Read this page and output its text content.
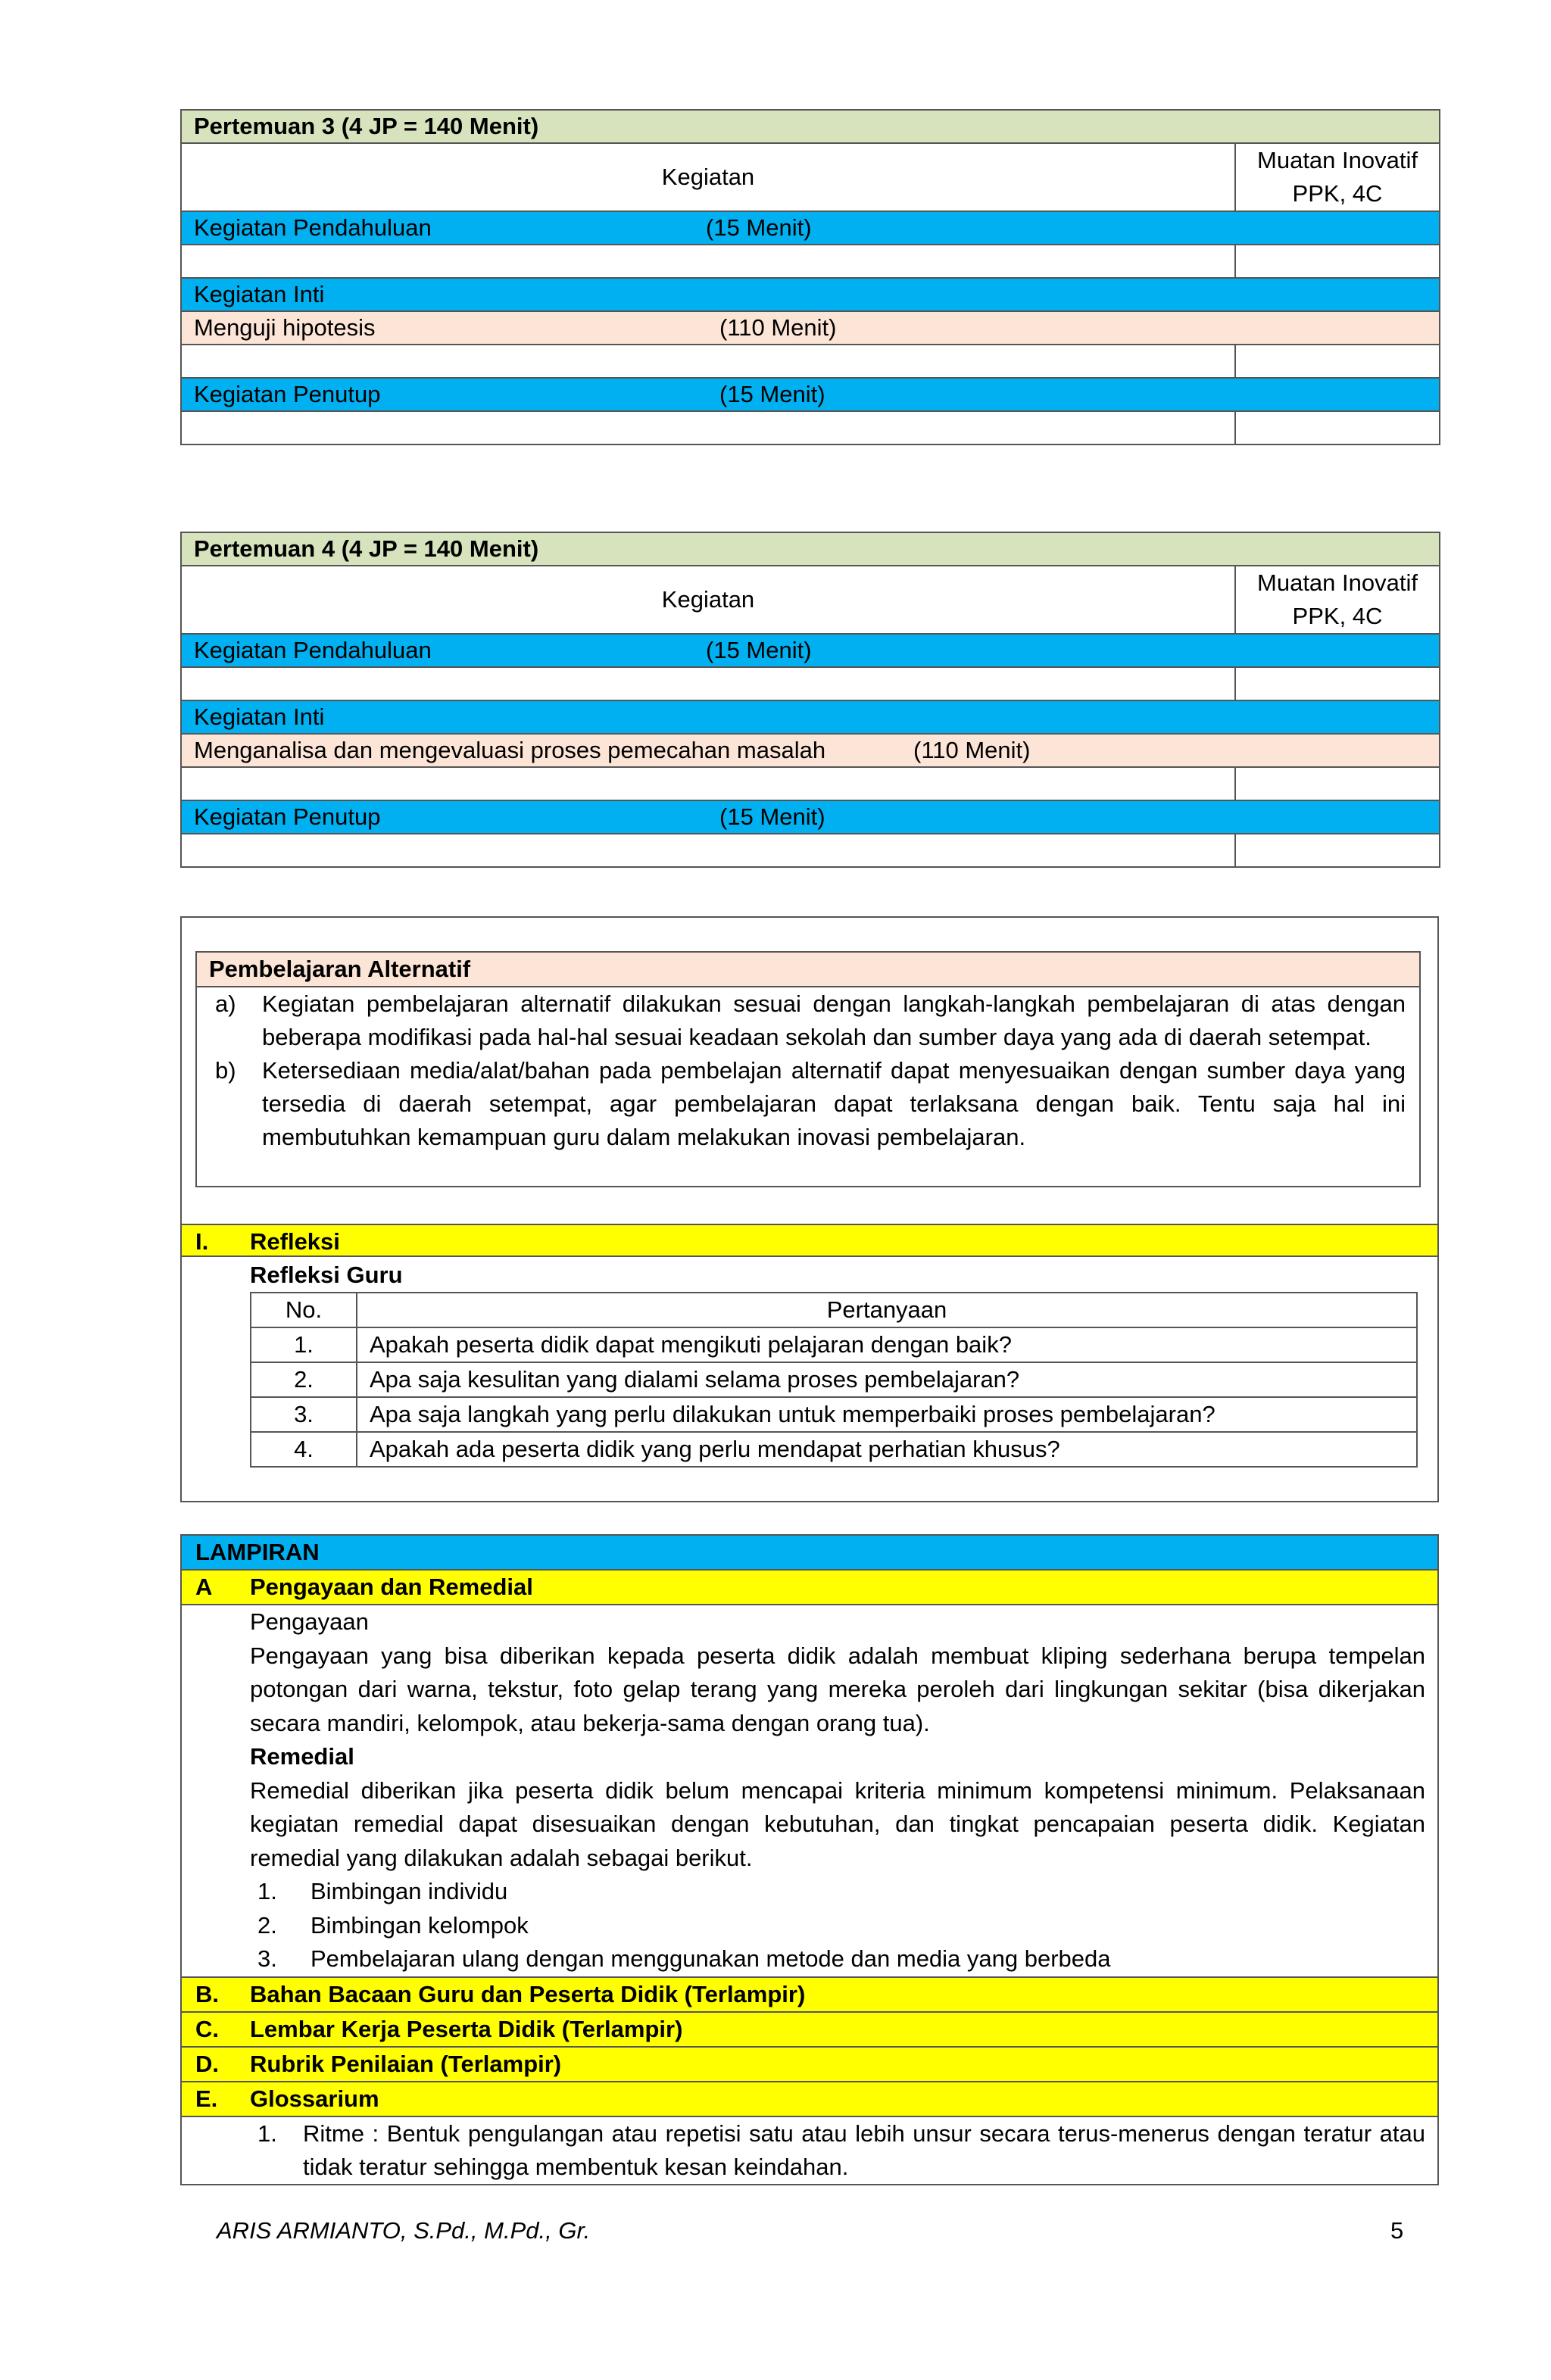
Pertemuan 3 (4 JP = 140 Menit)	
Kegiatan	Muatan Inovatif
PPK, 4C

Kegiatan Pendahuluan (15 Menit)	

Kegiatan Inti	
Menguji hipotesis (110 Menit)	

Kegiatan Penutup (15 Menit)	

Pertemuan 4 (4 JP = 140 Menit)	
Kegiatan	Muatan Inovatif
PPK, 4C

Kegiatan Pendahuluan (15 Menit)	

Kegiatan Inti	
Menganalisa dan mengevaluasi proses pemecahan masalah (110 Menit)	

Kegiatan Penutup (15 Menit)	

Pembelajaran Alternatif
a)	Kegiatan pembelajaran alternatif dilakukan sesuai dengan langkah-langkah pembelajaran di atas dengan beberapa modifikasi pada hal-hal sesuai keadaan sekolah dan sumber daya yang ada di daerah setempat.
b)	Ketersediaan media/alat/bahan pada pembelajan alternatif dapat menyesuaikan dengan sumber daya yang tersedia di daerah setempat, agar pembelajaran dapat terlaksana dengan baik. Tentu saja hal ini membutuhkan kemampuan guru dalam melakukan inovasi pembelajaran.
I. Refleksi
Refleksi Guru
No.	Pertanyaan
1.	Apakah peserta didik dapat mengikuti pelajaran dengan baik?
2.	Apa saja kesulitan yang dialami selama proses pembelajaran?
3.	Apa saja langkah yang perlu dilakukan untuk memperbaiki proses pembelajaran?
4.	Apakah ada peserta didik yang perlu mendapat perhatian khusus?
LAMPIRAN
A Pengayaan dan Remedial
Pengayaan
Pengayaan yang bisa diberikan kepada peserta didik adalah membuat kliping sederhana berupa tempelan potongan dari warna, tekstur, foto gelap terang yang mereka peroleh dari lingkungan sekitar (bisa dikerjakan secara mandiri, kelompok, atau bekerja-sama dengan orang tua).
Remedial
Remedial diberikan jika peserta didik belum mencapai kriteria minimum kompetensi minimum. Pelaksanaan kegiatan remedial dapat disesuaikan dengan kebutuhan, dan tingkat pencapaian peserta didik. Kegiatan remedial yang dilakukan adalah sebagai berikut.
1.	Bimbingan individu
2.	Bimbingan kelompok
3.	Pembelajaran ulang dengan menggunakan metode dan media yang berbeda
B. Bahan Bacaan Guru dan Peserta Didik (Terlampir)
C. Lembar Kerja Peserta Didik (Terlampir)
D. Rubrik Penilaian (Terlampir)
E. Glossarium
1.	Ritme : Bentuk pengulangan atau repetisi satu atau lebih unsur secara terus-menerus dengan teratur atau tidak teratur sehingga membentuk kesan keindahan.
ARIS ARMIANTO, S.Pd., M.Pd., Gr.	5
